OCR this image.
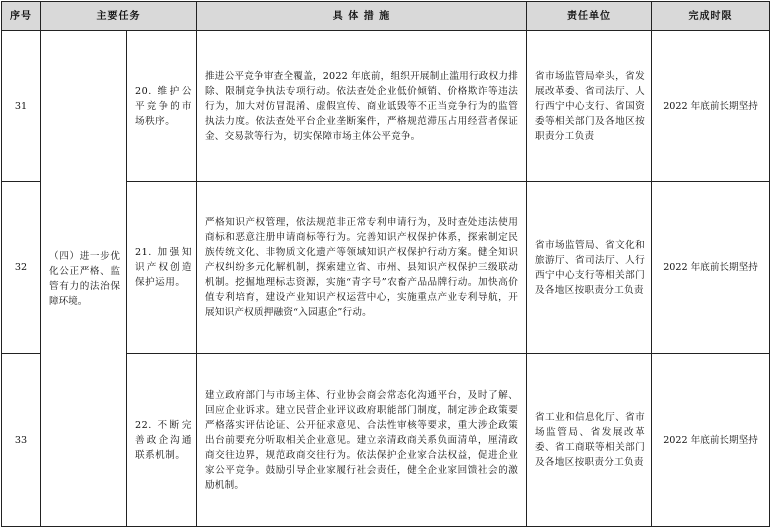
序号	主要任务		具 体 措 施	责任单位	完成时限
31	（四）进一步优化公正严格、监管有力的法治保障环境。	20. 维护公平竞争的市场秩序。	推进公平竞争审查全覆盖，2022 年底前，组织开展制止滥用行政权力排除、限制竞争执法专项行动。依法查处企业低价倾销、价格欺诈等违法行为，加大对仿冒混淆、虚假宣传、商业诋毁等不正当竞争行为的监管执法力度。依法查处平台企业垄断案件，严格规范滞压占用经营者保证金、交易款等行为，切实保障市场主体公平竞争。	省市场监管局牵头，省发展改革委、省司法厅、人行西宁中心支行、省国资委等相关部门及各地区按职责分工负责	2022 年底前长期坚持
32		21. 加强知识产权创造保护运用。	严格知识产权管理，依法规范非正常专利申请行为，及时查处违法使用商标和恶意注册申请商标等行为。完善知识产权保护体系，探索制定民族传统文化、非物质文化遗产等领域知识产权保护行动方案。健全知识产权纠纷多元化解机制，探索建立省、市州、县知识产权保护三级联动机制。挖掘地理标志资源，实施“青字号”农畜产品品牌行动。加快高价值专利培育，建设产业知识产权运营中心，实施重点产业专利导航，开展知识产权质押融资“入园惠企”行动。	省市场监管局、省文化和旅游厅、省司法厅、人行西宁中心支行等相关部门及各地区按职责分工负责	2022 年底前长期坚持
33		22. 不断完善政企沟通联系机制。	建立政府部门与市场主体、行业协会商会常态化沟通平台，及时了解、回应企业诉求。建立民营企业评议政府职能部门制度，制定涉企政策要严格落实评估论证、公开征求意见、合法性审核等要求，重大涉企政策出台前要充分听取相关企业意见。建立亲清政商关系负面清单，厘清政商交往边界，规范政商交往行为。依法保护企业家合法权益，促进企业家公平竞争。鼓励引导企业家履行社会责任，健全企业家回馈社会的激励机制。	省工业和信息化厅、省市场监管局、省发展改革委、省工商联等相关部门及各地区按职责分工负责	2022 年底前长期坚持
